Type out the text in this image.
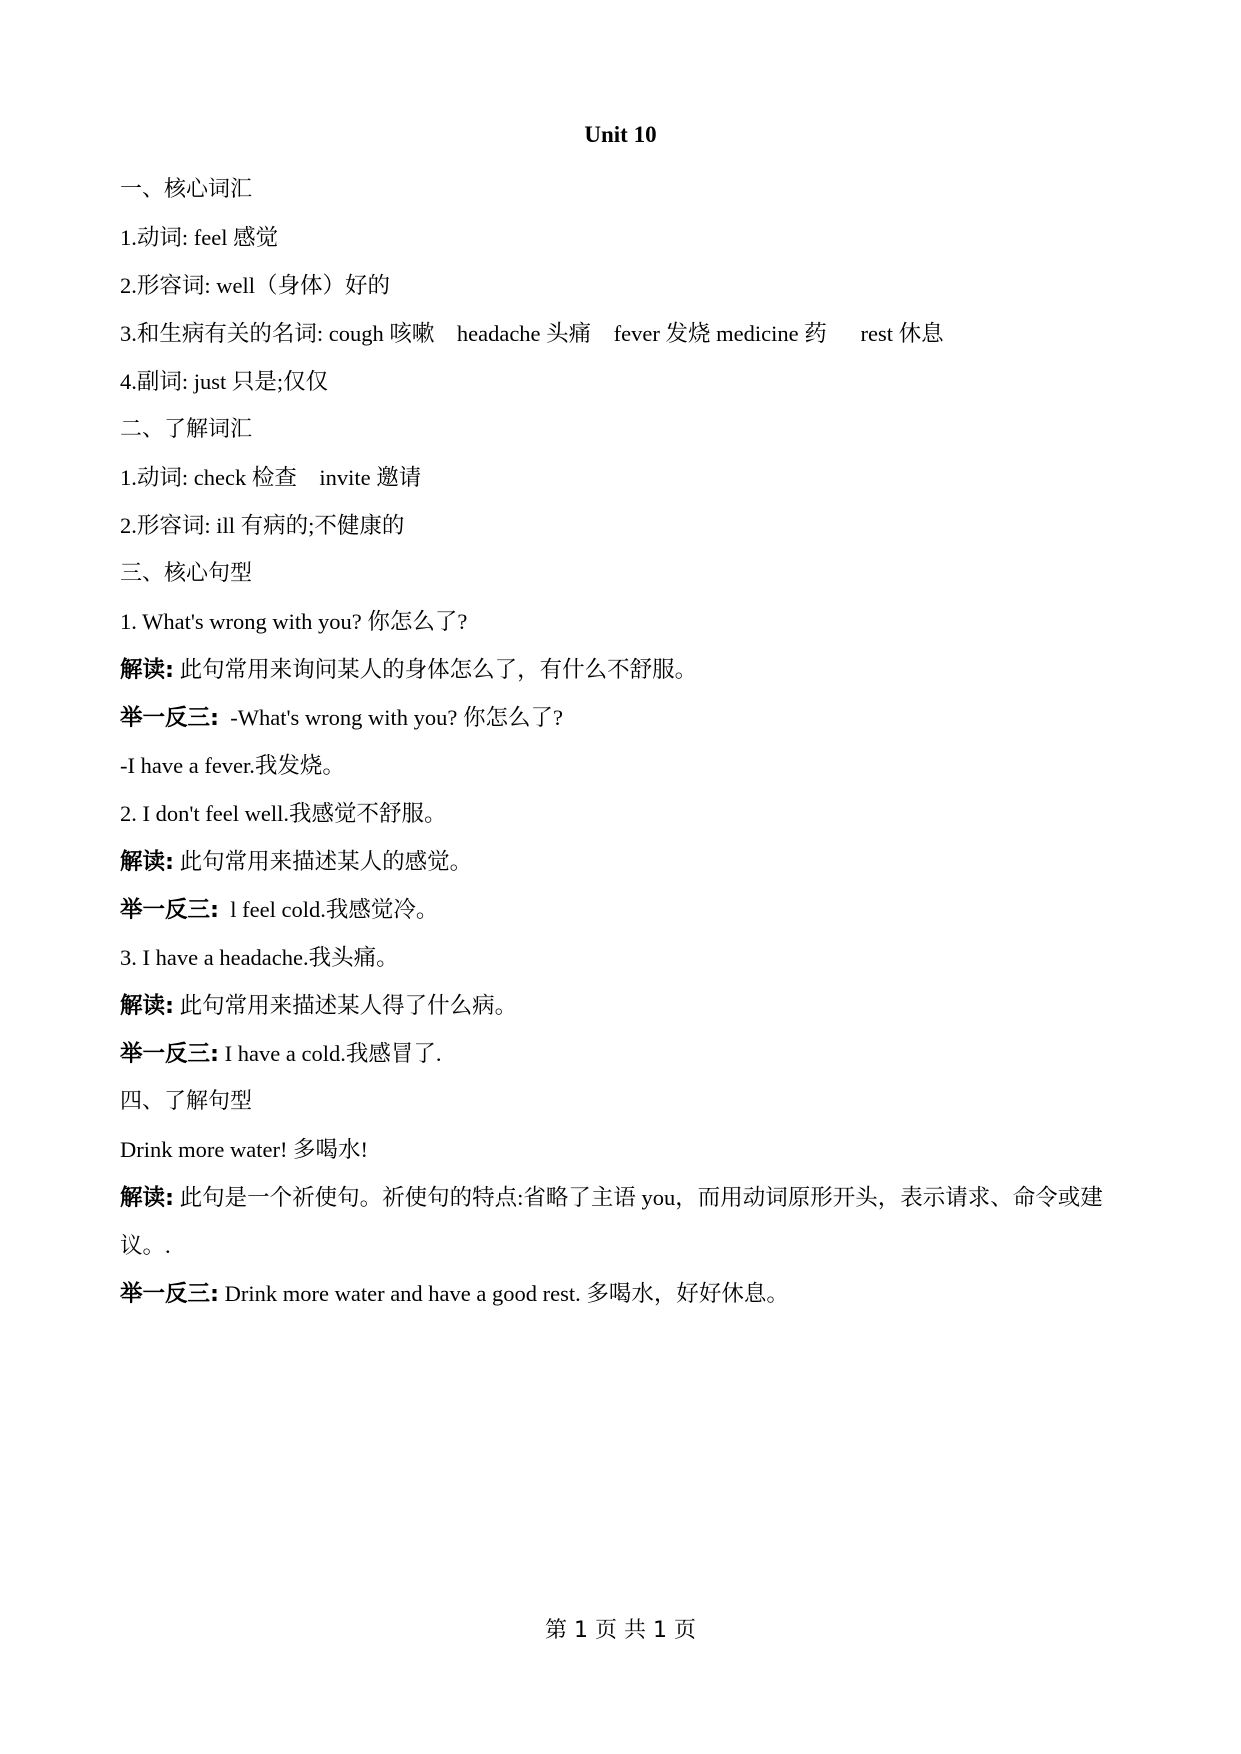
Unit 10
一、核心词汇
1.动词: feel 感觉
2.形容词: well（身体）好的
3.和生病有关的名词: cough 咳嗽    headache 头痛    fever 发烧 medicine 药      rest 休息
4.副词: just 只是;仅仅
二、了解词汇
1.动词: check 检查    invite 邀请
2.形容词: ill 有病的;不健康的
三、核心句型
1. What's wrong with you? 你怎么了?
解读: 此句常用来询问某人的身体怎么了，有什么不舒服。
举一反三:  -What's wrong with you? 你怎么了?
-I have a fever.我发烧。
2. I don't feel well.我感觉不舒服。
解读: 此句常用来描述某人的感觉。
举一反三:  l feel cold.我感觉冷。
3. I have a headache.我头痛。
解读: 此句常用来描述某人得了什么病。
举一反三: I have a cold.我感冒了.
四、了解句型
Drink more water! 多喝水!
解读: 此句是一个祈使句。祈使句的特点:省略了主语 you，而用动词原形开头，表示请求、命令或建议。.
举一反三: Drink more water and have a good rest. 多喝水，好好休息。
第 1 页 共 1 页
